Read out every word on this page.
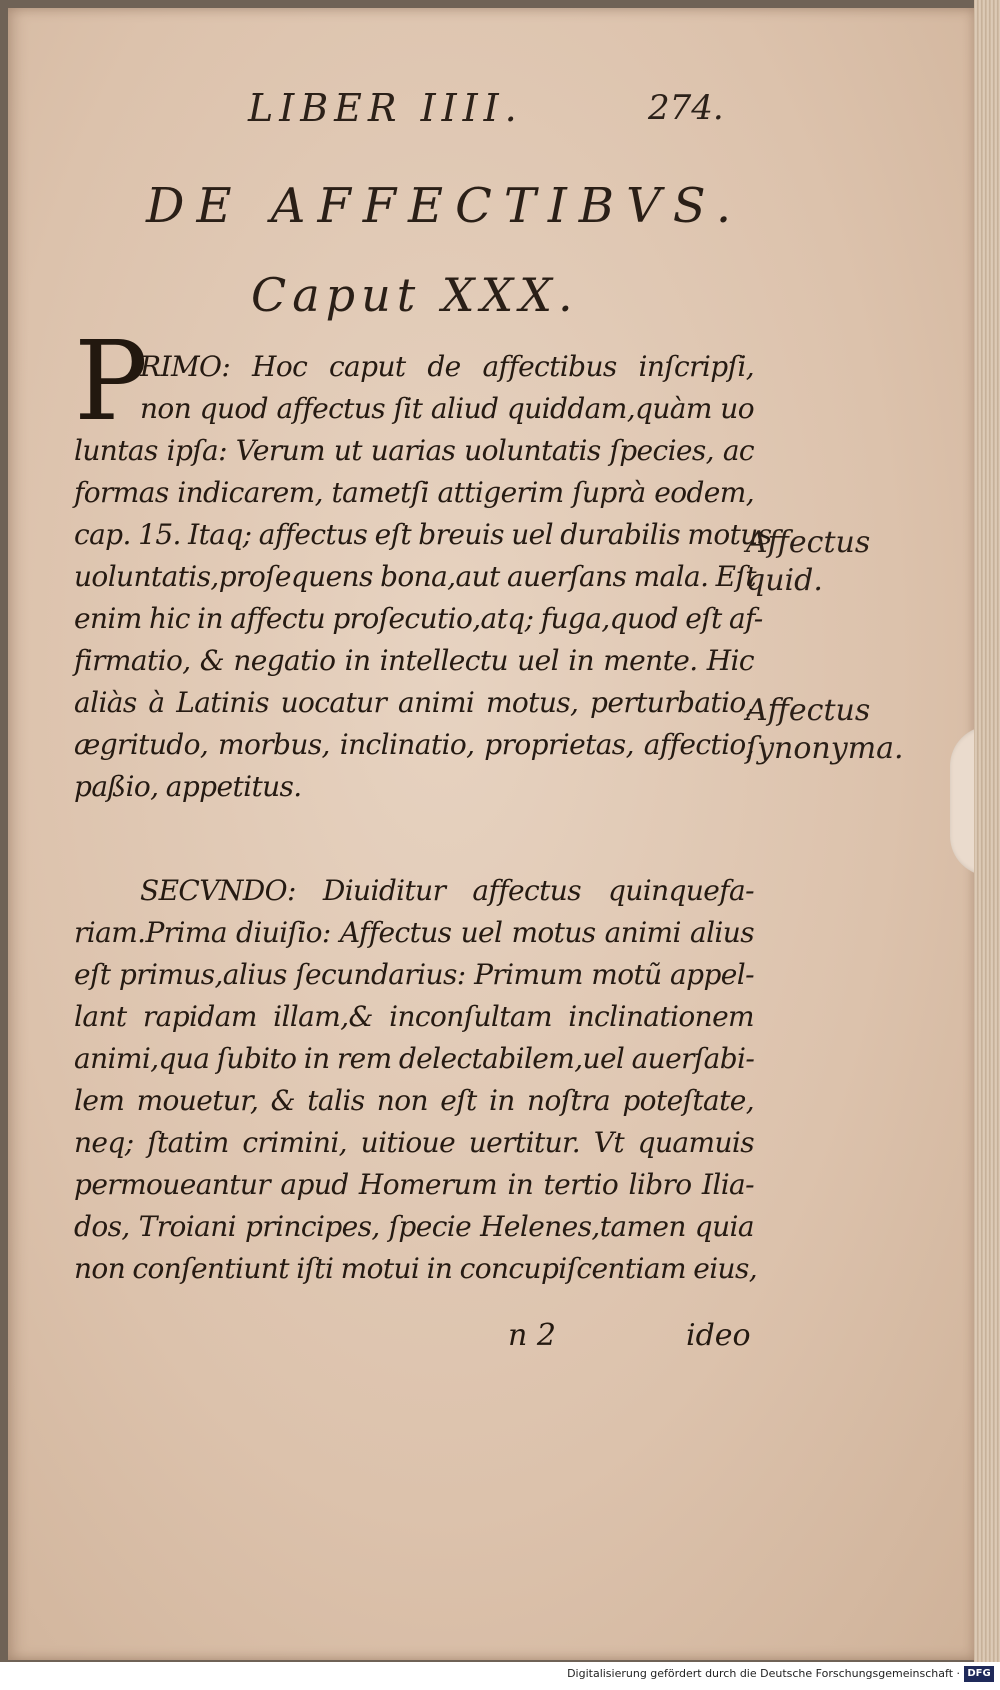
LIBER IIII.	274.
DE AFFECTIBVS.
Caput XXX.
P
RIMO: Hoc caput de affectibus inſcripſi,
non quod affectus ſit aliud quiddam,quàm uo
luntas ipſa: Verum ut uarias uoluntatis ſpecies, ac
formas indicarem, tametſi attigerim ſuprà eodem,
cap. 15. Itaq; affectus eſt breuis uel durabilis motus
uoluntatis,proſequens bona,aut auerſans mala. Eſt
enim hic in affectu proſecutio,atq; fuga,quod eſt af-
firmatio, & negatio in intellectu uel in mente. Hic
aliàs à Latinis uocatur animi motus, perturbatio,
ægritudo, morbus, inclinatio, proprietas, affectio,
paßio, appetitus.
SECVNDO: Diuiditur affectus quinquefa-
riam.Prima diuiſio: Affectus uel motus animi alius
eſt primus,alius ſecundarius: Primum motũ appel-
lant rapidam illam,& inconſultam inclinationem
animi,qua ſubito in rem delectabilem,uel auerſabi-
lem mouetur, & talis non eſt in noſtra poteſtate,
neq; ſtatim crimini, uitioue uertitur. Vt quamuis
permoueantur apud Homerum in tertio libro Ilia-
dos, Troiani principes, ſpecie Helenes,tamen quia
non conſentiunt iſti motui in concupiſcentiam eius,
n 2	ideo
Affectus
quid.
Affectus
ſynonyma.
Digitalisierung gefördert durch die Deutsche Forschungsgemeinschaft · DFG
